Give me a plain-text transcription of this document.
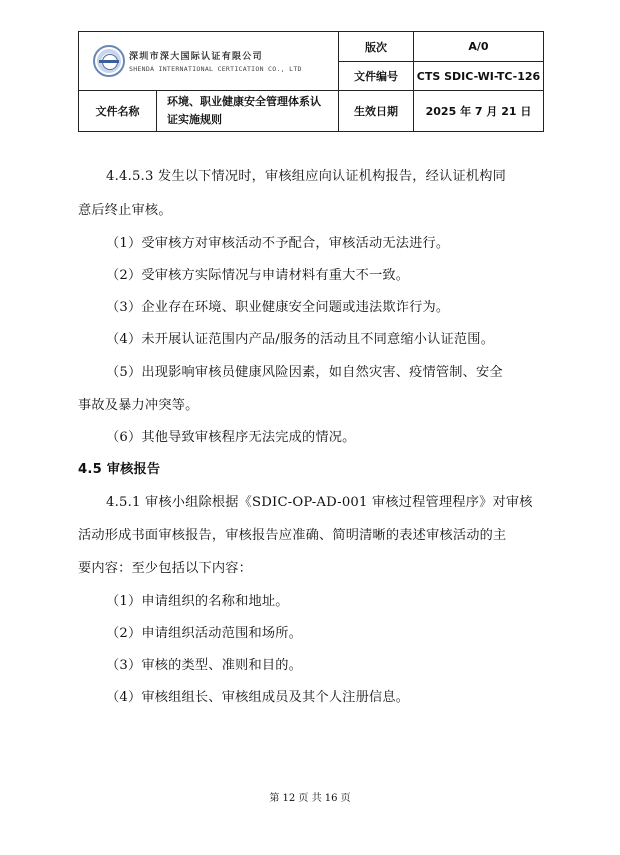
深圳市深大国际认证有限公司
SHENDA INTERNATIONAL CERTICATION CO., LTD		版次	A/0
		文件编号	CTS SDIC-WI-TC-126
文件名称	环境、职业健康安全管理体系认证实施规则	生效日期	2025 年 7 月 21 日
4.4.5.3 发生以下情况时，审核组应向认证机构报告，经认证机构同
意后终止审核。
（1）受审核方对审核活动不予配合，审核活动无法进行。
（2）受审核方实际情况与申请材料有重大不一致。
（3）企业存在环境、职业健康安全问题或违法欺诈行为。
（4）未开展认证范围内产品/服务的活动且不同意缩小认证范围。
（5）出现影响审核员健康风险因素，如自然灾害、疫情管制、安全
事故及暴力冲突等。
（6）其他导致审核程序无法完成的情况。
4.5 审核报告
4.5.1 审核小组除根据《SDIC-OP-AD-001 审核过程管理程序》对审核
活动形成书面审核报告，审核报告应准确、简明清晰的表述审核活动的主
要内容：至少包括以下内容：
（1）申请组织的名称和地址。
（2）申请组织活动范围和场所。
（3）审核的类型、准则和目的。
（4）审核组组长、审核组成员及其个人注册信息。
第 12 页 共 16 页
